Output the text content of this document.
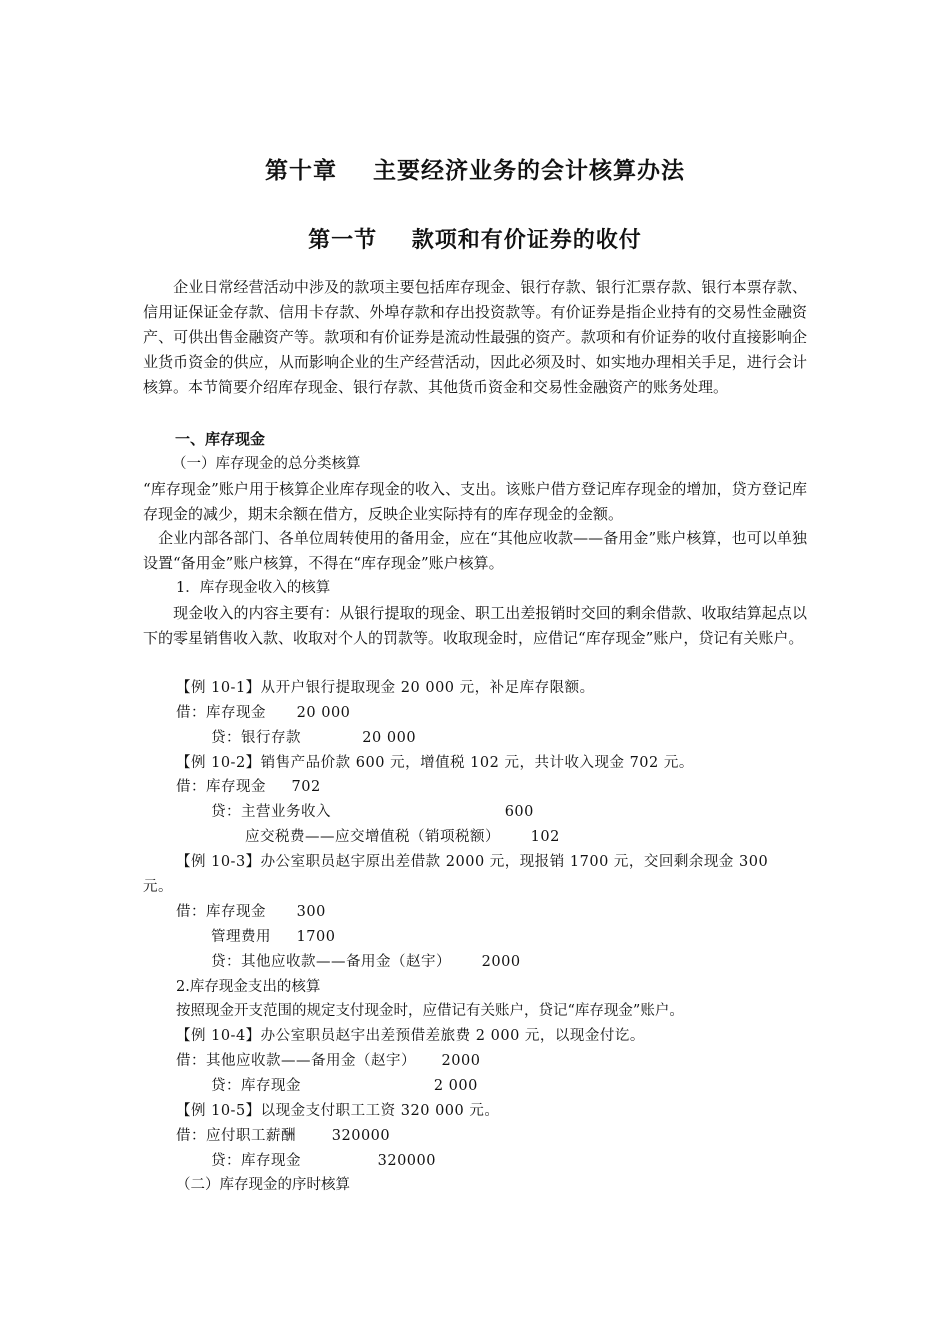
第十章    主要经济业务的会计核算办法
第一节    款项和有价证券的收付

　　企业日常经营活动中涉及的款项主要包括库存现金、银行存款、银行汇票存款、银行本票存款、信用证保证金存款、信用卡存款、外埠存款和存出投资款等。有价证券是指企业持有的交易性金融资产、可供出售金融资产等。款项和有价证券是流动性最强的资产。款项和有价证券的收付直接影响企业货币资金的供应，从而影响企业的生产经营活动，因此必须及时、如实地办理相关手足，进行会计核算。本节简要介绍库存现金、银行存款、其他货币资金和交易性金融资产的账务处理。

一、库存现金
（一）库存现金的总分类核算

“库存现金”账户用于核算企业库存现金的收入、支出。该账户借方登记库存现金的增加，贷方登记库存现金的减少，期末余额在借方，反映企业实际持有的库存现金的金额。

　企业内部各部门、各单位周转使用的备用金，应在“其他应收款——备用金”账户核算，也可以单独设置“备用金”账户核算，不得在“库存现金”账户核算。

1．库存现金收入的核算

　　现金收入的内容主要有：从银行提取的现金、职工出差报销时交回的剩余借款、收取结算起点以下的零星销售收入款、收取对个人的罚款等。收取现金时，应借记“库存现金”账户，贷记有关账户。

【例 10-1】从开户银行提取现金 20 000 元，补足库存限额。
借：库存现金      20 000
贷：银行存款            20 000
【例 10-2】销售产品价款 600 元，增值税 102 元，共计收入现金 702 元。
借：库存现金     702
贷：主营业务收入                                  600
应交税费——应交增值税（销项税额）      102
【例 10-3】办公室职员赵宇原出差借款 2000 元，现报销 1700 元，交回剩余现金 300
元。
借：库存现金      300
管理费用     1700
贷：其他应收款——备用金（赵宇）      2000
2.库存现金支出的核算
按照现金开支范围的规定支付现金时，应借记有关账户，贷记“库存现金”账户。
【例 10-4】办公室职员赵宇出差预借差旅费 2 000 元，以现金付讫。
借：其他应收款——备用金（赵宇）     2000
贷：库存现金                          2 000
【例 10-5】以现金支付职工工资 320 000 元。
借：应付职工薪酬       320000
贷：库存现金               320000
（二）库存现金的序时核算
